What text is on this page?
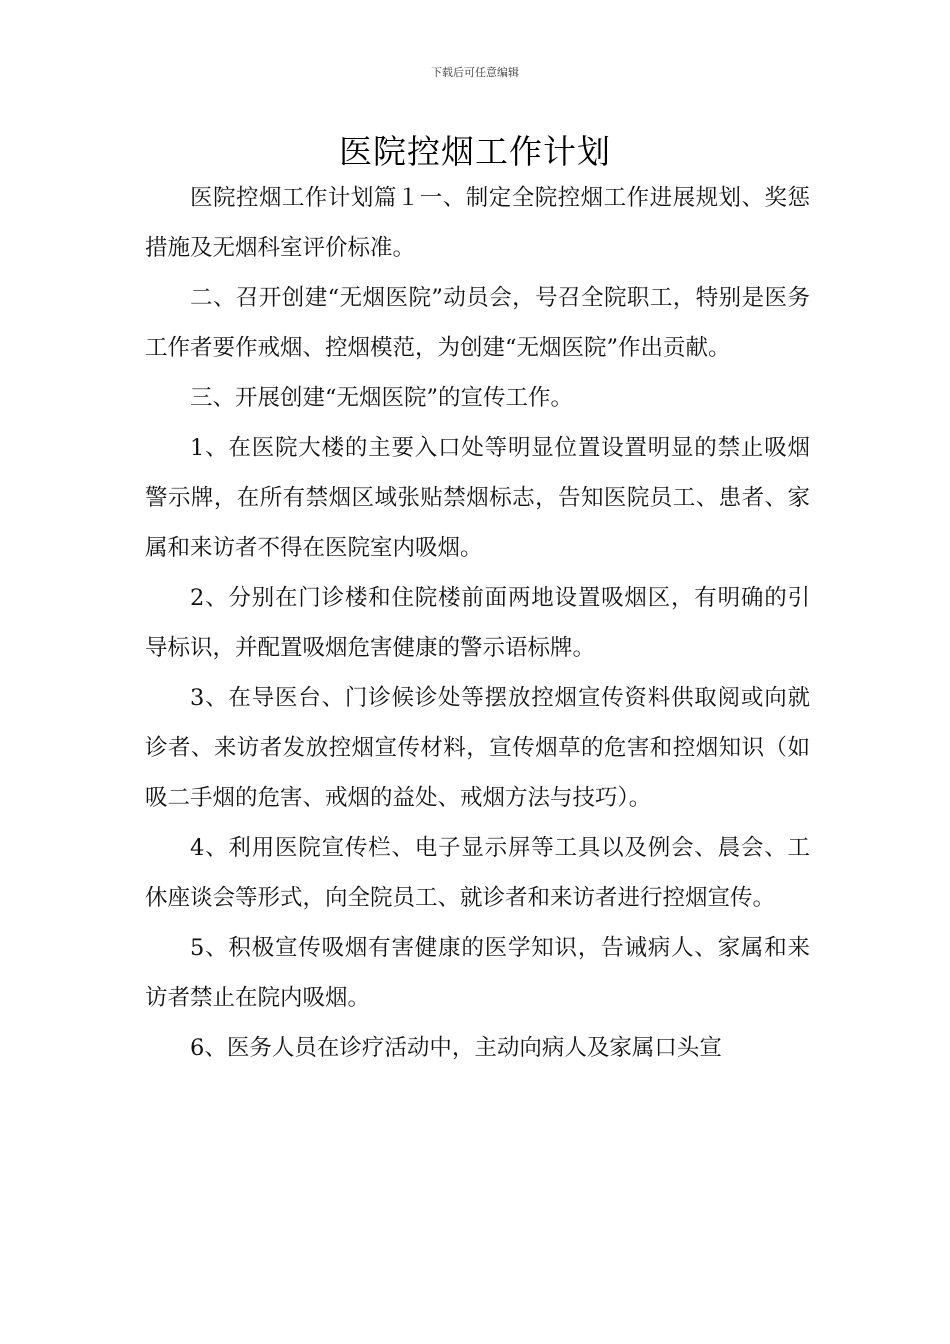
下载后可任意编辑
医院控烟工作计划

医院控烟工作计划篇１一、制定全院控烟工作进展规划、奖惩措施及无烟科室评价标准。

二、召开创建“无烟医院”动员会，号召全院职工，特别是医务工作者要作戒烟、控烟模范，为创建“无烟医院”作出贡献。

三、开展创建“无烟医院”的宣传工作。

1、在医院大楼的主要入口处等明显位置设置明显的禁止吸烟警示牌，在所有禁烟区域张贴禁烟标志，告知医院员工、患者、家属和来访者不得在医院室内吸烟。

2、分别在门诊楼和住院楼前面两地设置吸烟区，有明确的引导标识，并配置吸烟危害健康的警示语标牌。

3、在导医台、门诊候诊处等摆放控烟宣传资料供取阅或向就诊者、来访者发放控烟宣传材料，宣传烟草的危害和控烟知识（如吸二手烟的危害、戒烟的益处、戒烟方法与技巧）。

4、利用医院宣传栏、电子显示屏等工具以及例会、晨会、工休座谈会等形式，向全院员工、就诊者和来访者进行控烟宣传。

5、积极宣传吸烟有害健康的医学知识，告诫病人、家属和来访者禁止在院内吸烟。

6、医务人员在诊疗活动中，主动向病人及家属口头宣
